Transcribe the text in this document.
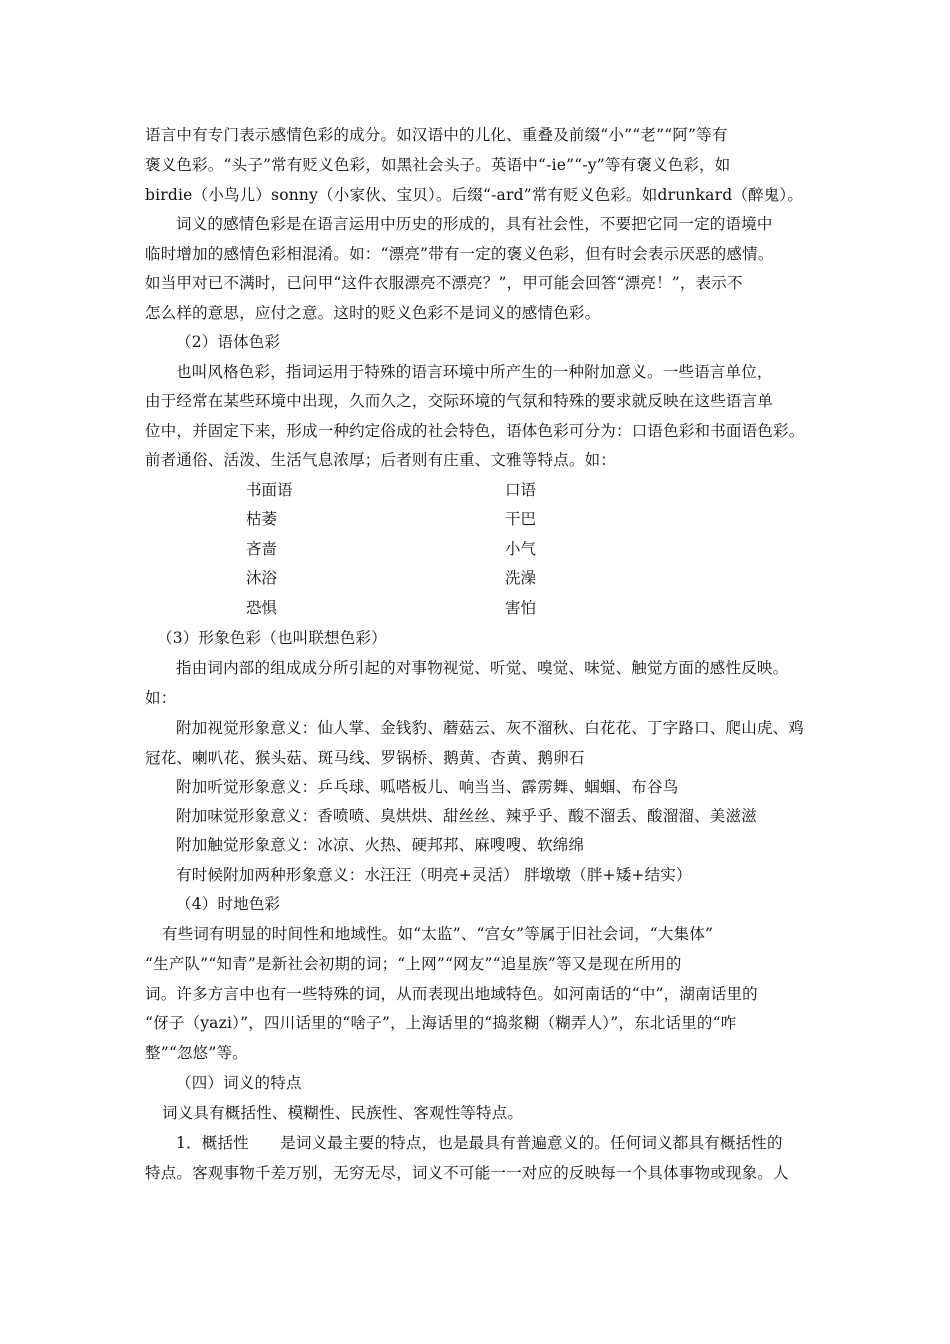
语言中有专门表示感情色彩的成分。如汉语中的儿化、重叠及前缀“小”“老”“阿”等有
褒义色彩。“头子”常有贬义色彩，如黑社会头子。英语中“-ie”“-y”等有褒义色彩，如
birdie（小鸟儿）sonny（小家伙、宝贝）。后缀“-ard”常有贬义色彩。如drunkard（醉鬼）。
词义的感情色彩是在语言运用中历史的形成的，具有社会性，不要把它同一定的语境中
临时增加的感情色彩相混淆。如：“漂亮”带有一定的褒义色彩，但有时会表示厌恶的感情。
如当甲对已不满时，已问甲“这件衣服漂亮不漂亮？”，甲可能会回答“漂亮！”，表示不
怎么样的意思，应付之意。这时的贬义色彩不是词义的感情色彩。
（2）语体色彩
也叫风格色彩，指词运用于特殊的语言环境中所产生的一种附加意义。一些语言单位，
由于经常在某些环境中出现，久而久之，交际环境的气氛和特殊的要求就反映在这些语言单
位中，并固定下来，形成一种约定俗成的社会特色，语体色彩可分为：口语色彩和书面语色彩。
前者通俗、活泼、生活气息浓厚；后者则有庄重、文雅等特点。如：
书面语	口语
枯萎	干巴
吝啬	小气
沐浴	洗澡
恐惧	害怕
（3）形象色彩（也叫联想色彩）
指由词内部的组成成分所引起的对事物视觉、听觉、嗅觉、味觉、触觉方面的感性反映。
如：
附加视觉形象意义：仙人掌、金钱豹、蘑菇云、灰不溜秋、白花花、丁字路口、爬山虎、鸡
冠花、喇叭花、猴头菇、斑马线、罗锅桥、鹅黄、杏黄、鹅卵石
附加听觉形象意义：乒乓球、呱嗒板儿、响当当、霹雳舞、蝈蝈、布谷鸟
附加味觉形象意义：香喷喷、臭烘烘、甜丝丝、辣乎乎、酸不溜丢、酸溜溜、美滋滋
附加触觉形象意义：冰凉、火热、硬邦邦、麻嗖嗖、软绵绵
有时候附加两种形象意义：水汪汪（明亮+灵活） 胖墩墩（胖+矮+结实）
（4）时地色彩
有些词有明显的时间性和地域性。如“太监”、“宫女”等属于旧社会词，“大集体”
“生产队”“知青”是新社会初期的词；“上网”“网友”“追星族”等又是现在所用的
词。许多方言中也有一些特殊的词，从而表现出地域特色。如河南话的“中”，湖南话里的
“伢子（yazi）”，四川话里的“啥子”，上海话里的“捣浆糊（糊弄人）”，东北话里的“咋
整”“忽悠”等。
（四）词义的特点
词义具有概括性、模糊性、民族性、客观性等特点。
1．概括性　　是词义最主要的特点，也是最具有普遍意义的。任何词义都具有概括性的
特点。客观事物千差万别，无穷无尽，词义不可能一一对应的反映每一个具体事物或现象。人
